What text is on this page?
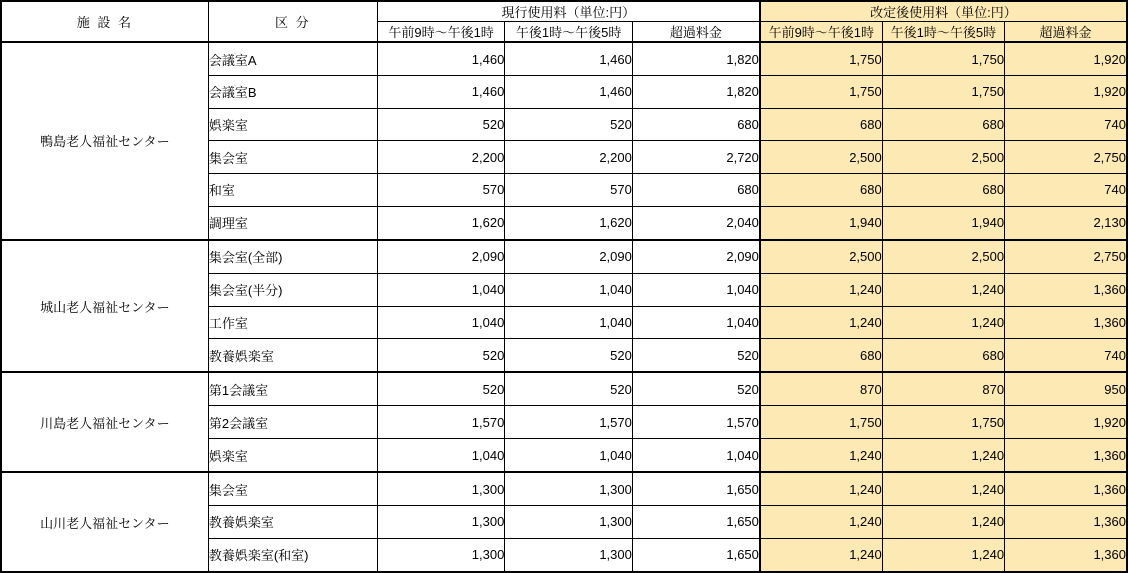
施 設 名	区 分	現行使用料（単位:円）			改定後使用料（単位:円）		
		午前9時～午後1時	午後1時～午後5時	超過料金	午前9時～午後1時	午後1時～午後5時	超過料金
鴨島老人福祉センター	会議室A	1,460	1,460	1,820	1,750	1,750	1,920
	会議室B	1,460	1,460	1,820	1,750	1,750	1,920
	娯楽室	520	520	680	680	680	740
	集会室	2,200	2,200	2,720	2,500	2,500	2,750
	和室	570	570	680	680	680	740
	調理室	1,620	1,620	2,040	1,940	1,940	2,130
城山老人福祉センター	集会室(全部)	2,090	2,090	2,090	2,500	2,500	2,750
	集会室(半分)	1,040	1,040	1,040	1,240	1,240	1,360
	工作室	1,040	1,040	1,040	1,240	1,240	1,360
	教養娯楽室	520	520	520	680	680	740
川島老人福祉センター	第1会議室	520	520	520	870	870	950
	第2会議室	1,570	1,570	1,570	1,750	1,750	1,920
	娯楽室	1,040	1,040	1,040	1,240	1,240	1,360
山川老人福祉センター	集会室	1,300	1,300	1,650	1,240	1,240	1,360
	教養娯楽室	1,300	1,300	1,650	1,240	1,240	1,360
	教養娯楽室(和室)	1,300	1,300	1,650	1,240	1,240	1,360
